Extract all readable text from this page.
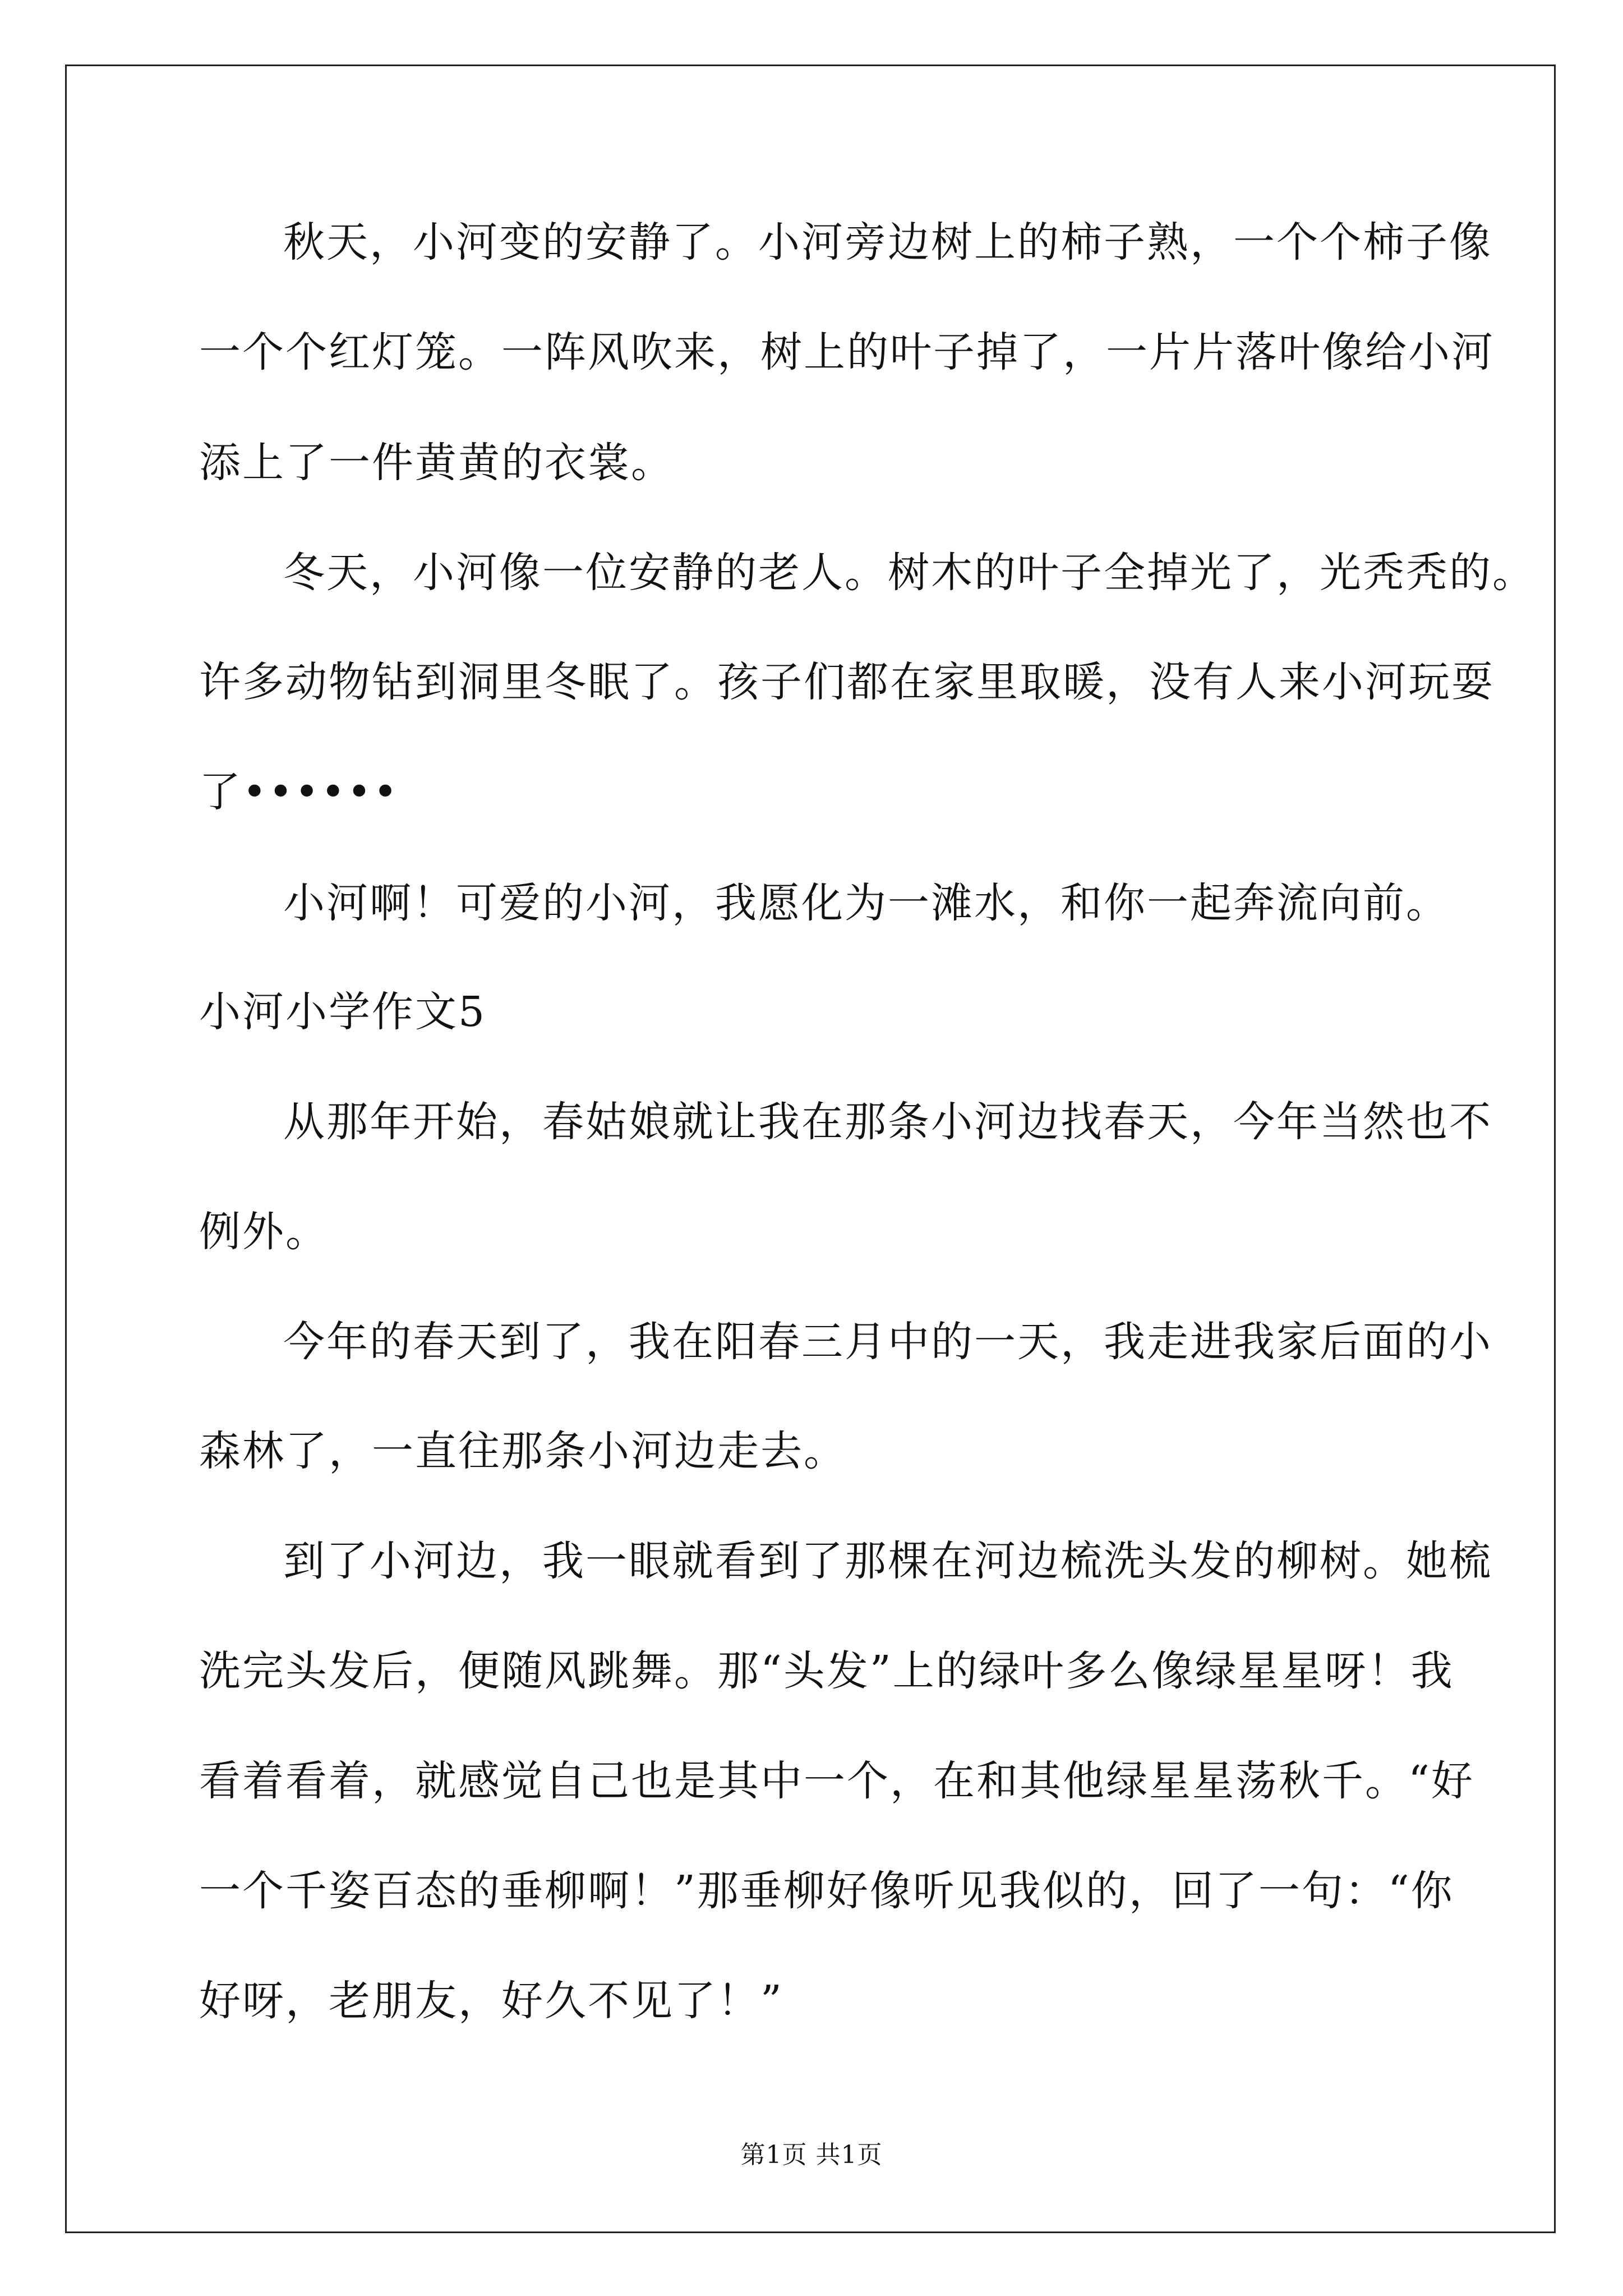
秋天，小河变的安静了。小河旁边树上的柿子熟，一个个柿子像
一个个红灯笼。一阵风吹来，树上的叶子掉了，一片片落叶像给小河
添上了一件黄黄的衣裳。
冬天，小河像一位安静的老人。树木的叶子全掉光了，光秃秃的。
许多动物钻到洞里冬眠了。孩子们都在家里取暖，没有人来小河玩耍
了••••••
小河啊！可爱的小河，我愿化为一滩水，和你一起奔流向前。
小河小学作文5
从那年开始，春姑娘就让我在那条小河边找春天，今年当然也不
例外。
今年的春天到了，我在阳春三月中的一天，我走进我家后面的小
森林了，一直往那条小河边走去。
到了小河边，我一眼就看到了那棵在河边梳洗头发的柳树。她梳
洗完头发后，便随风跳舞。那“头发”上的绿叶多么像绿星星呀！我
看着看着，就感觉自己也是其中一个，在和其他绿星星荡秋千。“好
一个千姿百态的垂柳啊！”那垂柳好像听见我似的，回了一句：“你
好呀，老朋友，好久不见了！”
第1页 共1页
